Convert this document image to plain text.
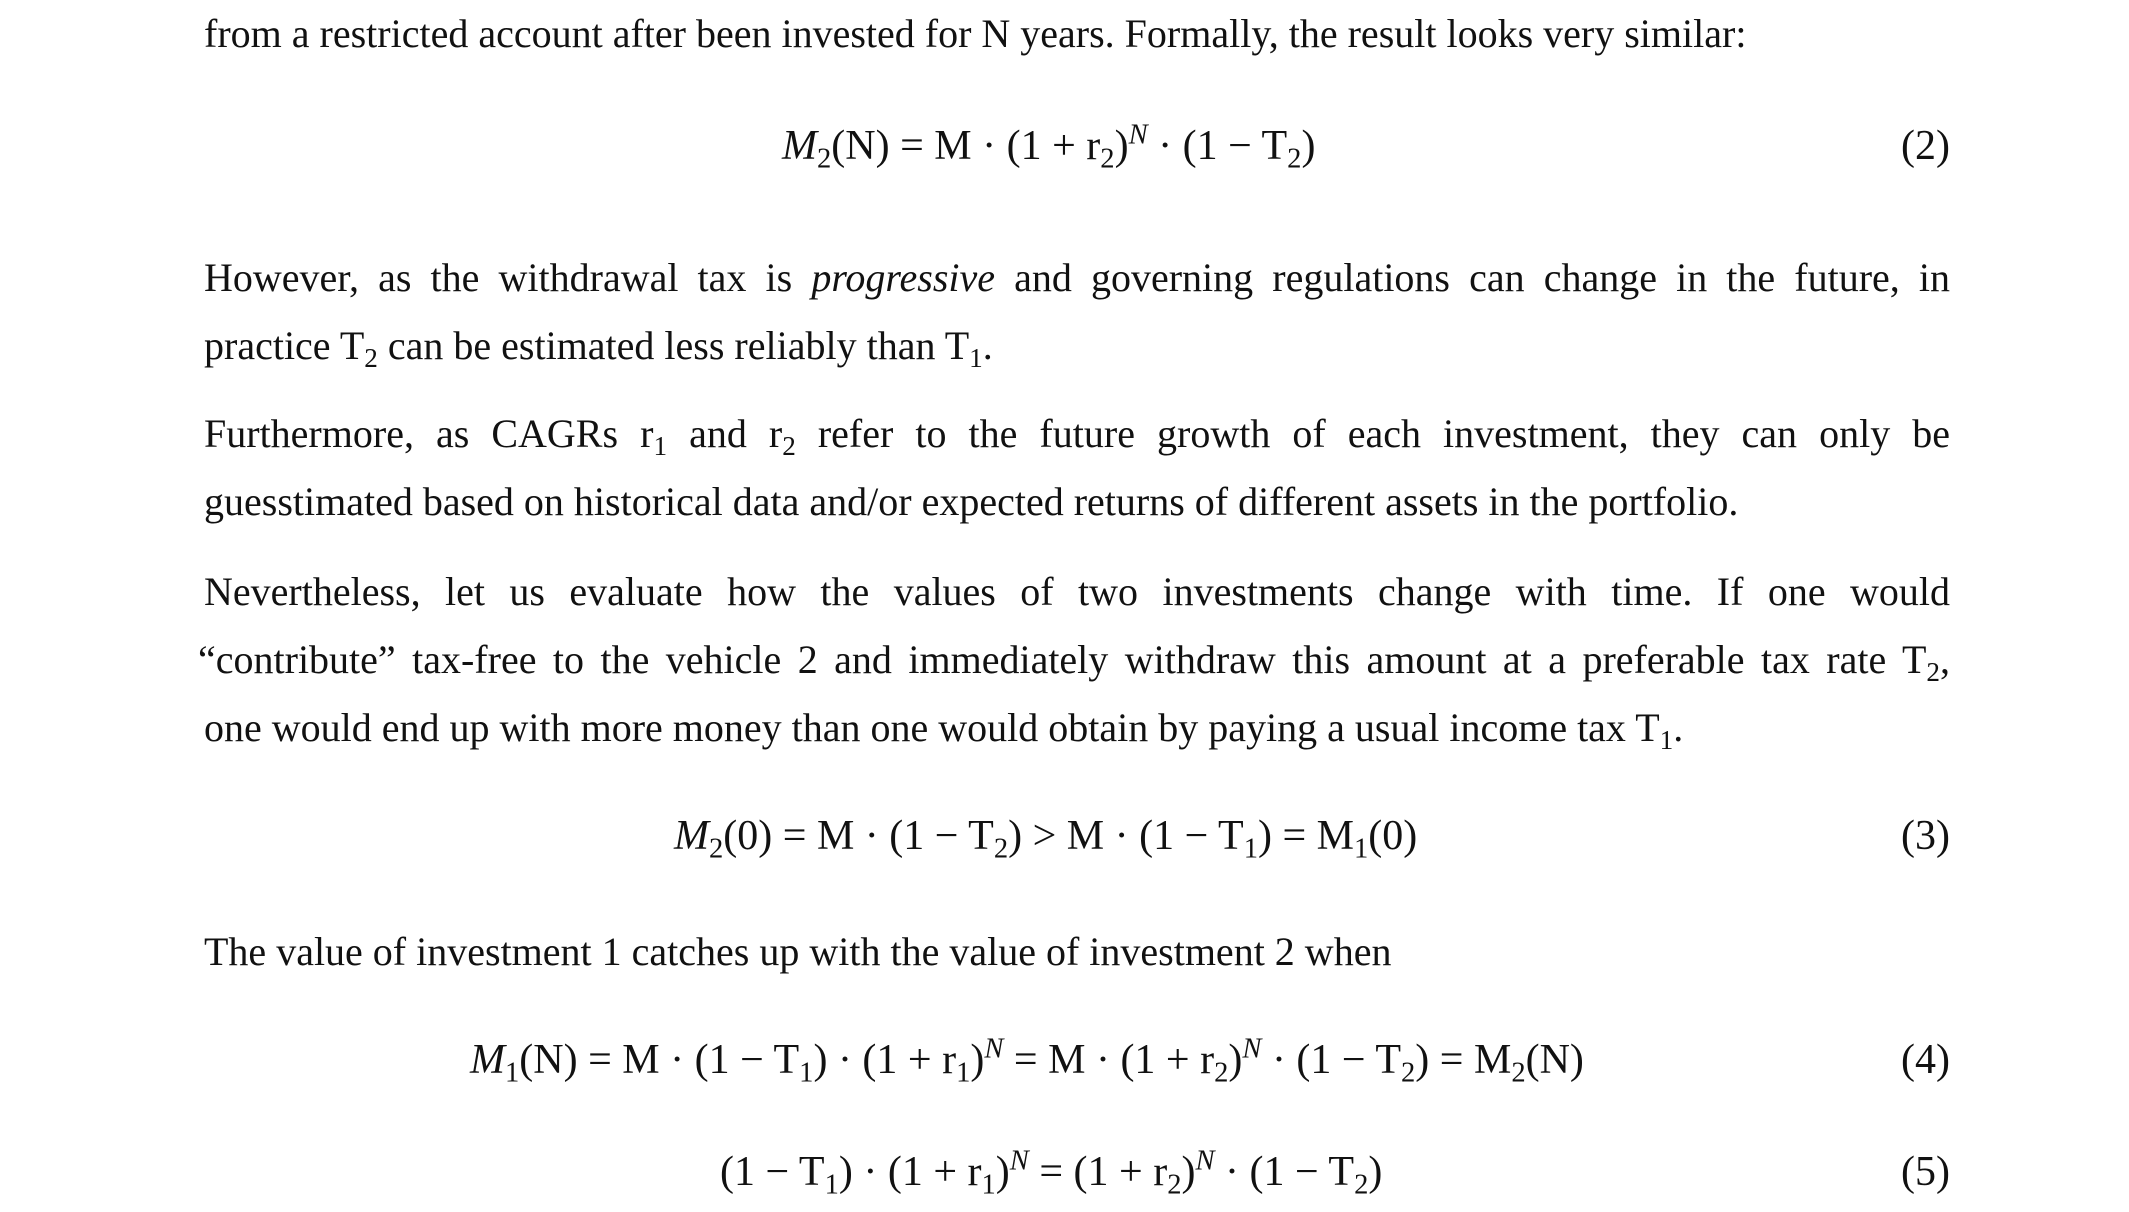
from a restricted account after been invested for N years. Formally, the result looks very similar:

$M_2(N) = M \cdot (1 + r_2)^N \cdot (1 - T_2)$	(2)

However, as the withdrawal tax is progressive and governing regulations can change in the future, in
practice $T_2$ can be estimated less reliably than $T_1$.

Furthermore, as CAGRs $r_1$ and $r_2$ refer to the future growth of each investment, they can only be
guesstimated based on historical data and/or expected returns of different assets in the portfolio.

Nevertheless, let us evaluate how the values of two investments change with time. If one would
“contribute” tax-free to the vehicle 2 and immediately withdraw this amount at a preferable tax rate $T_2$,
one would end up with more money than one would obtain by paying a usual income tax $T_1$.

$M_2(0) = M \cdot (1 - T_2) > M \cdot (1 - T_1) = M_1(0)$	(3)

The value of investment 1 catches up with the value of investment 2 when

$M_1(N) = M \cdot (1 - T_1) \cdot (1 + r_1)^N = M \cdot (1 + r_2)^N \cdot (1 - T_2) = M_2(N)$	(4)
$(1 - T_1) \cdot (1 + r_1)^N = (1 + r_2)^N \cdot (1 - T_2)$	(5)
